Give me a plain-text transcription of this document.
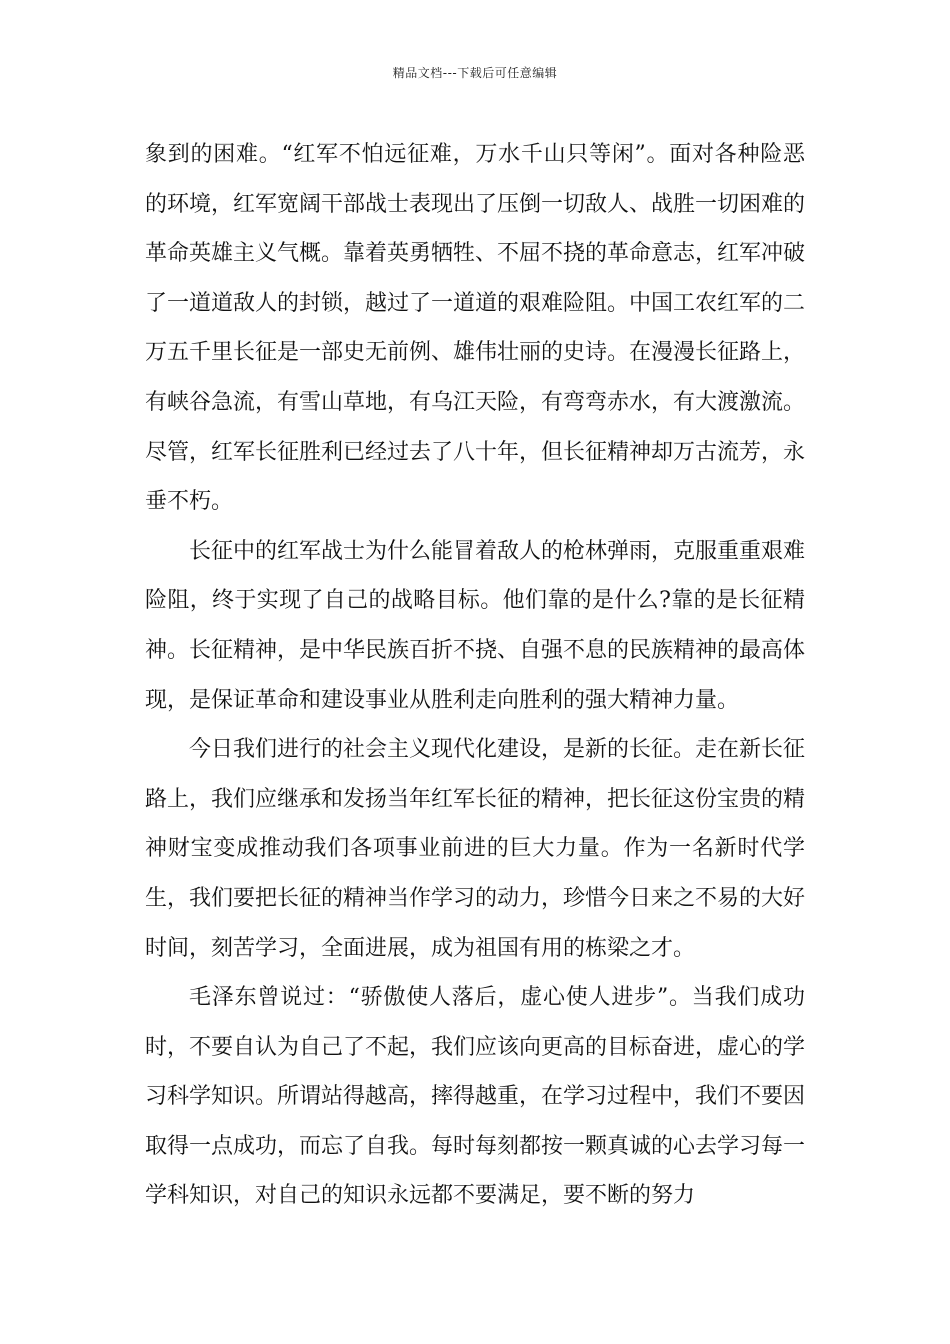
精品文档---下载后可任意编辑

象到的困难。“红军不怕远征难，万水千山只等闲”。面对各种险恶的环境，红军宽阔干部战士表现出了压倒一切敌人、战胜一切困难的革命英雄主义气概。靠着英勇牺牲、不屈不挠的革命意志，红军冲破了一道道敌人的封锁，越过了一道道的艰难险阻。中国工农红军的二万五千里长征是一部史无前例、雄伟壮丽的史诗。在漫漫长征路上，有峡谷急流，有雪山草地，有乌江天险，有弯弯赤水，有大渡激流。尽管，红军长征胜利已经过去了八十年，但长征精神却万古流芳，永垂不朽。

长征中的红军战士为什么能冒着敌人的枪林弹雨，克服重重艰难险阻，终于实现了自己的战略目标。他们靠的是什么?靠的是长征精神。长征精神，是中华民族百折不挠、自强不息的民族精神的最高体现，是保证革命和建设事业从胜利走向胜利的强大精神力量。

今日我们进行的社会主义现代化建设，是新的长征。走在新长征路上，我们应继承和发扬当年红军长征的精神，把长征这份宝贵的精神财宝变成推动我们各项事业前进的巨大力量。作为一名新时代学生，我们要把长征的精神当作学习的动力，珍惜今日来之不易的大好时间，刻苦学习，全面进展，成为祖国有用的栋梁之才。

毛泽东曾说过：“骄傲使人落后，虚心使人进步”。当我们成功时，不要自认为自己了不起，我们应该向更高的目标奋进，虚心的学习科学知识。所谓站得越高，摔得越重，在学习过程中，我们不要因取得一点成功，而忘了自我。每时每刻都按一颗真诚的心去学习每一学科知识，对自己的知识永远都不要满足，要不断的努力
